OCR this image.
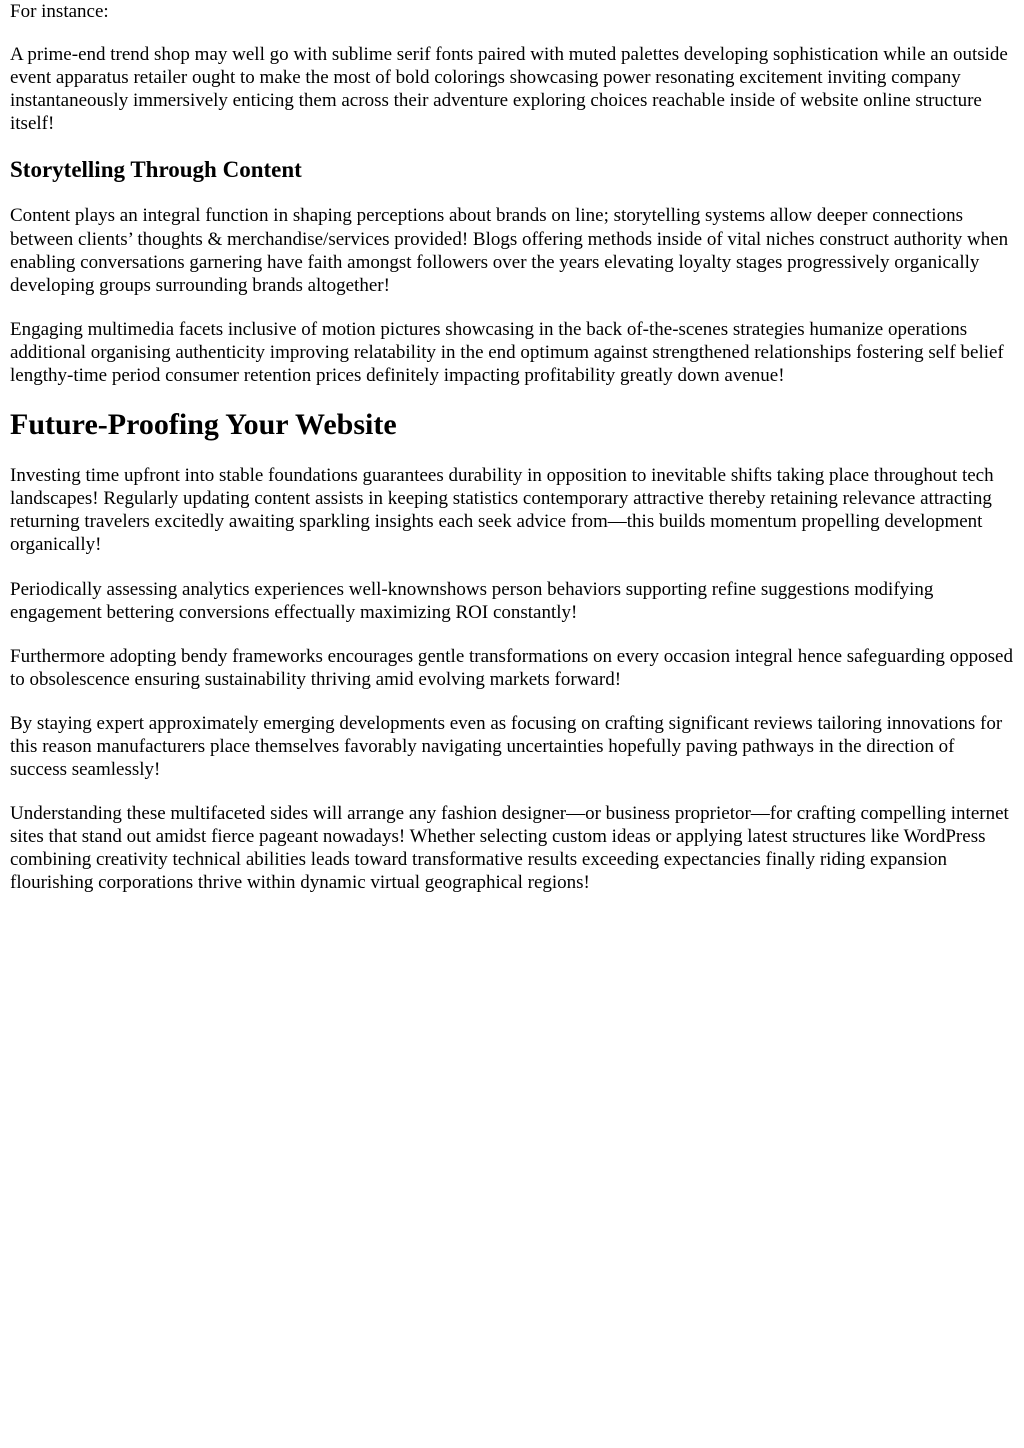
For instance:

A prime-end trend shop may well go with sublime serif fonts paired with muted palettes developing sophistication while an outside event apparatus retailer ought to make the most of bold colorings showcasing power resonating excitement inviting company instantaneously immersively enticing them across their adventure exploring choices reachable inside of website online structure itself!

Storytelling Through Content

Content plays an integral function in shaping perceptions about brands on line; storytelling systems allow deeper connections between clients’ thoughts & merchandise/services provided! Blogs offering methods inside of vital niches construct authority when enabling conversations garnering have faith amongst followers over the years elevating loyalty stages progressively organically developing groups surrounding brands altogether!

Engaging multimedia facets inclusive of motion pictures showcasing in the back of-the-scenes strategies humanize operations additional organising authenticity improving relatability in the end optimum against strengthened relationships fostering self belief lengthy-time period consumer retention prices definitely impacting profitability greatly down avenue!

Future-Proofing Your Website

Investing time upfront into stable foundations guarantees durability in opposition to inevitable shifts taking place throughout tech landscapes! Regularly updating content assists in keeping statistics contemporary attractive thereby retaining relevance attracting returning travelers excitedly awaiting sparkling insights each seek advice from—this builds momentum propelling development organically!

Periodically assessing analytics experiences well-knownshows person behaviors supporting refine suggestions modifying engagement bettering conversions effectually maximizing ROI constantly!

Furthermore adopting bendy frameworks encourages gentle transformations on every occasion integral hence safeguarding opposed to obsolescence ensuring sustainability thriving amid evolving markets forward!

By staying expert approximately emerging developments even as focusing on crafting significant reviews tailoring innovations for this reason manufacturers place themselves favorably navigating uncertainties hopefully paving pathways in the direction of success seamlessly!

Understanding these multifaceted sides will arrange any fashion designer—or business proprietor—for crafting compelling internet sites that stand out amidst fierce pageant nowadays! Whether selecting custom ideas or applying latest structures like WordPress combining creativity technical abilities leads toward transformative results exceeding expectancies finally riding expansion flourishing corporations thrive within dynamic virtual geographical regions!
